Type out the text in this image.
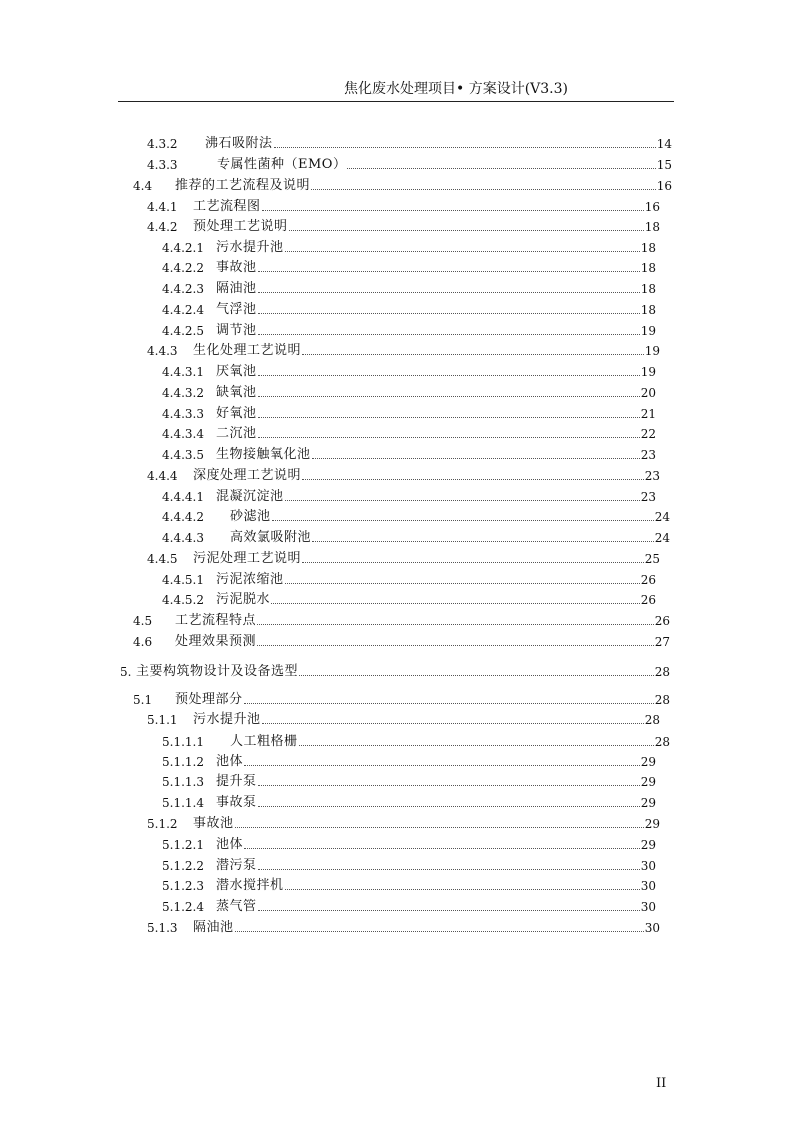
焦化废水处理项目• 方案设计(V3.3)
4.3.2	沸石吸附法	14
4.3.3	专属性菌种（EMO）	15
4.4	推荐的工艺流程及说明	16
4.4.1	工艺流程图	16
4.4.2	预处理工艺说明	18
4.4.2.1 污水提升池	18
4.4.2.2 事故池	18
4.4.2.3 隔油池	18
4.4.2.4 气浮池	18
4.4.2.5 调节池	19
4.4.3	生化处理工艺说明	19
4.4.3.1 厌氧池	19
4.4.3.2 缺氧池	20
4.4.3.3 好氧池	21
4.4.3.4 二沉池	22
4.4.3.5 生物接触氧化池	23
4.4.4	深度处理工艺说明	23
4.4.4.1 混凝沉淀池	23
4.4.4.2	砂滤池	24
4.4.4.3	高效氯吸附池	24
4.4.5	污泥处理工艺说明	25
4.4.5.1 污泥浓缩池	26
4.4.5.2 污泥脱水	26
4.5	工艺流程特点	26
4.6	处理效果预测	27
5. 主要构筑物设计及设备选型	28
5.1	预处理部分	28
5.1.1	污水提升池	28
5.1.1.1	人工粗格栅	28
5.1.1.2 池体	29
5.1.1.3 提升泵	29
5.1.1.4 事故泵	29
5.1.2	事故池	29
5.1.2.1 池体	29
5.1.2.2 潜污泵	30
5.1.2.3 潜水搅拌机	30
5.1.2.4 蒸气管	30
5.1.3	隔油池	30
II
